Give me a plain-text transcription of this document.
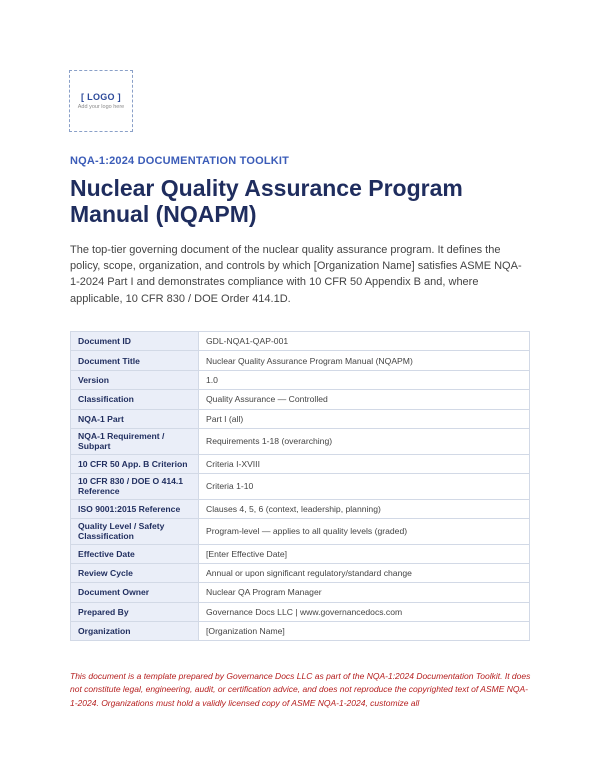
[ LOGO ]
Add your logo here
NQA-1:2024 DOCUMENTATION TOOLKIT
Nuclear Quality Assurance Program Manual (NQAPM)

The top-tier governing document of the nuclear quality assurance program. It defines the policy, scope, organization, and controls by which [Organization Name] satisfies ASME NQA-1-2024 Part I and demonstrates compliance with 10 CFR 50 Appendix B and, where applicable, 10 CFR 830 / DOE Order 414.1D.

Document ID	GDL-NQA1-QAP-001
Document Title	Nuclear Quality Assurance Program Manual (NQAPM)
Version	1.0
Classification	Quality Assurance — Controlled
NQA-1 Part	Part I (all)
NQA-1 Requirement / Subpart	Requirements 1-18 (overarching)
10 CFR 50 App. B Criterion	Criteria I-XVIII
10 CFR 830 / DOE O 414.1 Reference	Criteria 1-10
ISO 9001:2015 Reference	Clauses 4, 5, 6 (context, leadership, planning)
Quality Level / Safety Classification	Program-level — applies to all quality levels (graded)
Effective Date	[Enter Effective Date]
Review Cycle	Annual or upon significant regulatory/standard change
Document Owner	Nuclear QA Program Manager
Prepared By	Governance Docs LLC | www.governancedocs.com
Organization	[Organization Name]
This document is a template prepared by Governance Docs LLC as part of the NQA-1:2024 Documentation Toolkit. It does not constitute legal, engineering, audit, or certification advice, and does not reproduce the copyrighted text of ASME NQA-1-2024. Organizations must hold a validly licensed copy of ASME NQA-1-2024, customize all
